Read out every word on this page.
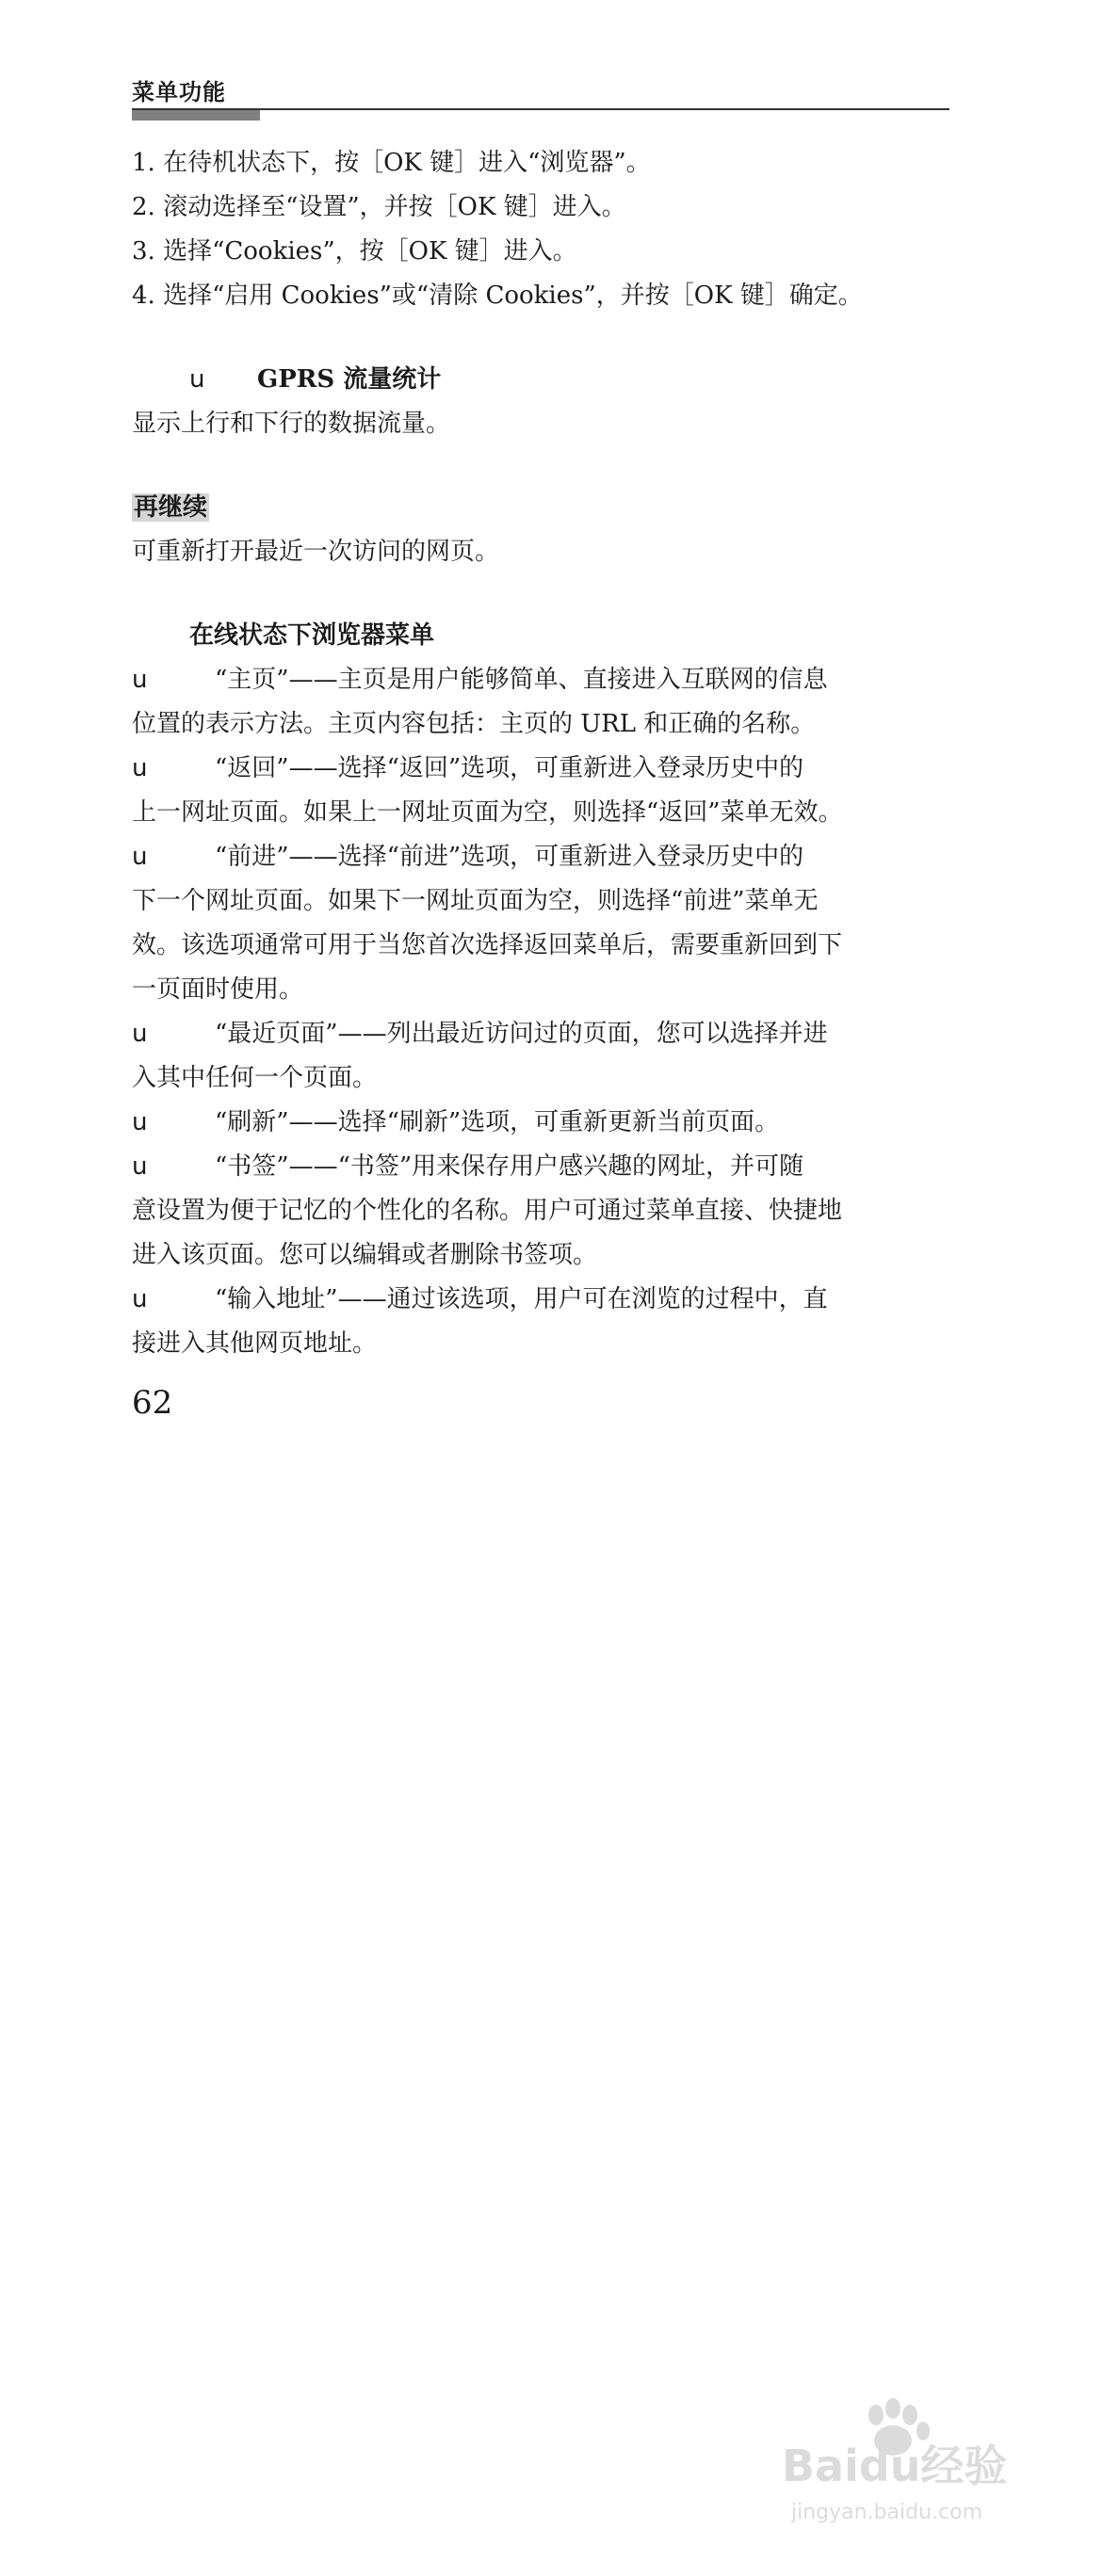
菜单功能
1. 在待机状态下，按［OK 键］进入“浏览器”。
2. 滚动选择至“设置”，并按［OK 键］进入。
3. 选择“Cookies”，按［OK 键］进入。
4. 选择“启用 Cookies”或“清除 Cookies”，并按［OK 键］确定。
u GPRS 流量统计
显示上行和下行的数据流量。
再继续
可重新打开最近一次访问的网页。
在线状态下浏览器菜单
u	“主页”——主页是用户能够简单、直接进入互联网的信息
位置的表示方法。主页内容包括：主页的 URL 和正确的名称。
u	“返回”——选择“返回”选项，可重新进入登录历史中的
上一网址页面。如果上一网址页面为空，则选择“返回”菜单无效。
u	“前进”——选择“前进”选项，可重新进入登录历史中的
下一个网址页面。如果下一网址页面为空，则选择“前进”菜单无
效。该选项通常可用于当您首次选择返回菜单后，需要重新回到下
一页面时使用。
u	“最近页面”——列出最近访问过的页面，您可以选择并进
入其中任何一个页面。
u	“刷新”——选择“刷新”选项，可重新更新当前页面。
u	“书签”——“书签”用来保存用户感兴趣的网址，并可随
意设置为便于记忆的个性化的名称。用户可通过菜单直接、快捷地
进入该页面。您可以编辑或者删除书签项。
u	“输入地址”——通过该选项，用户可在浏览的过程中，直
接进入其他网页地址。
62
Baidu经验
jingyan.baidu.com
